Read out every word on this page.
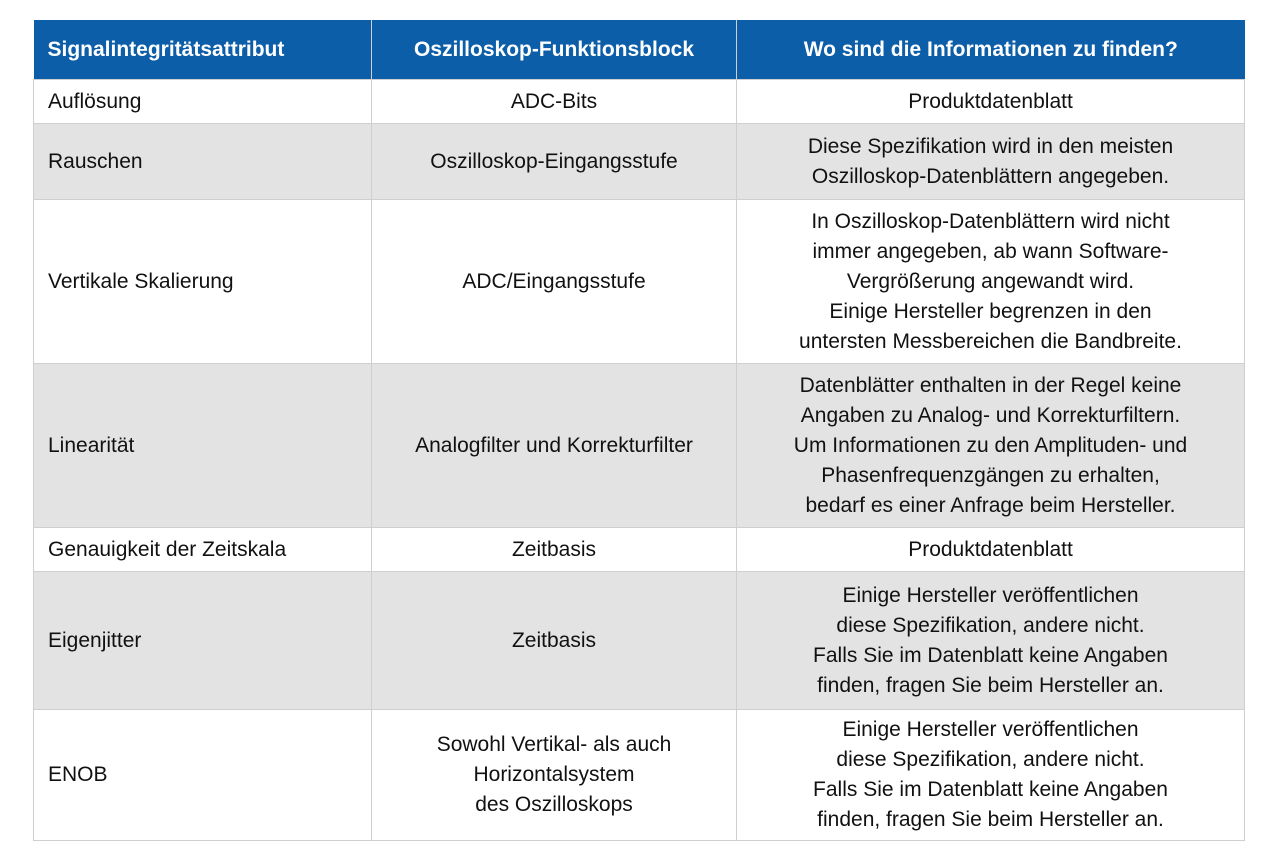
Signalintegritätsattribut	Oszilloskop-Funktionsblock	Wo sind die Informationen zu finden?
Auflösung	ADC-Bits	Produktdatenblatt

Rauschen	Oszilloskop-Eingangsstufe	Diese Spezifikation wird in den meisten
Oszilloskop-Datenblättern angegeben.

Vertikale Skalierung	ADC/Eingangsstufe	In Oszilloskop-Datenblättern wird nicht
immer angegeben, ab wann Software-
Vergrößerung angewandt wird.
Einige Hersteller begrenzen in den
untersten Messbereichen die Bandbreite.

Linearität	Analogfilter und Korrekturfilter	Datenblätter enthalten in der Regel keine
Angaben zu Analog- und Korrekturfiltern.
Um Informationen zu den Amplituden- und
Phasenfrequenzgängen zu erhalten,
bedarf es einer Anfrage beim Hersteller.

Genauigkeit der Zeitskala	Zeitbasis	Produktdatenblatt

Eigenjitter	Zeitbasis	Einige Hersteller veröffentlichen
diese Spezifikation, andere nicht.
Falls Sie im Datenblatt keine Angaben
finden, fragen Sie beim Hersteller an.

ENOB	Sowohl Vertikal- als auch
Horizontalsystem
des Oszilloskops	Einige Hersteller veröffentlichen
diese Spezifikation, andere nicht.
Falls Sie im Datenblatt keine Angaben
finden, fragen Sie beim Hersteller an.
